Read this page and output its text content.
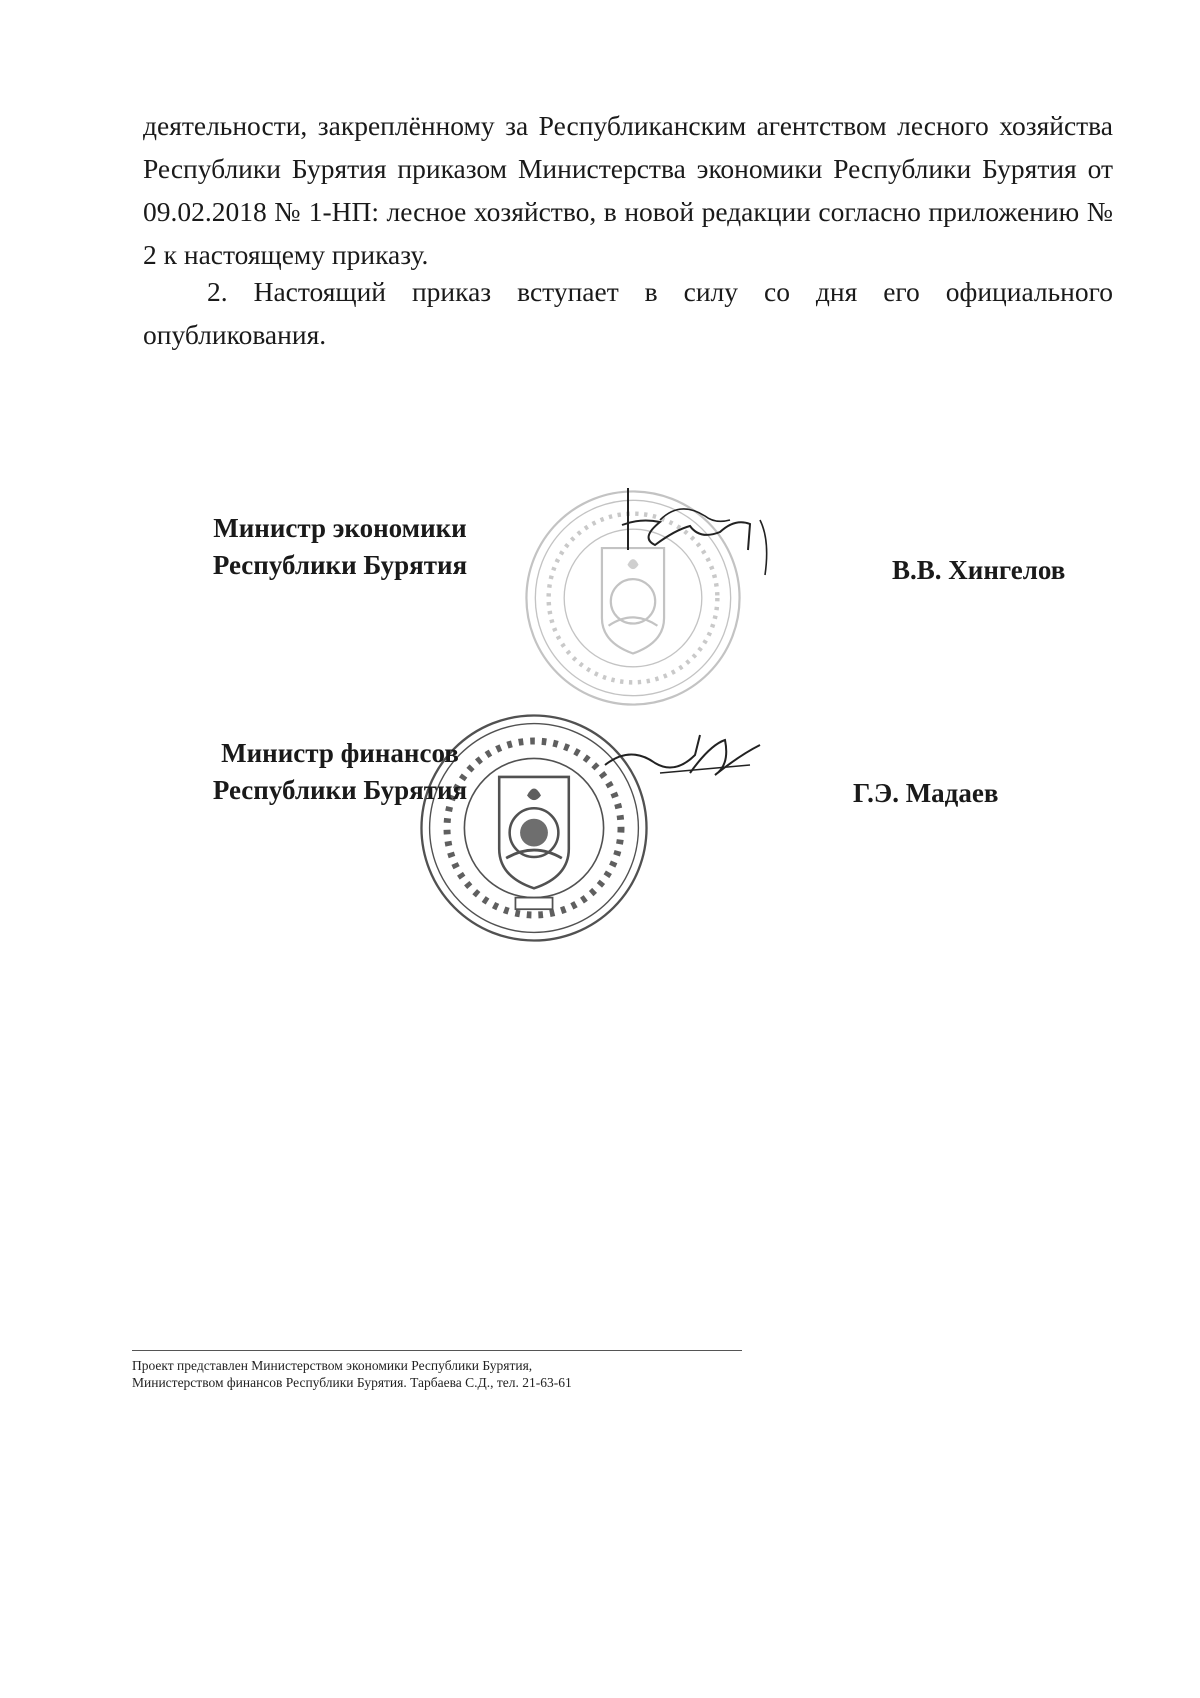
деятельности, закреплённому за Республиканским агентством лесного хозяйства Республики Бурятия приказом Министерства экономики Республики Бурятия от 09.02.2018 № 1-НП: лесное хозяйство, в новой редакции согласно приложению № 2 к настоящему приказу.
2. Настоящий приказ вступает в силу со дня его официального опубликования.
Министр экономики
Республики Бурятия	В.В. Хингелов
Министр финансов
Республики Бурятия	Г.Э. Мадаев
Проект представлен Министерством экономики Республики Бурятия,
Министерством финансов Республики Бурятия. Тарбаева С.Д., тел. 21-63-61
